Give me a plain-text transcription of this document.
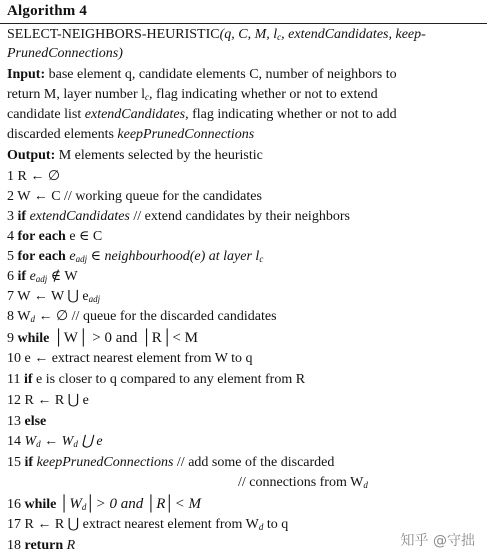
Algorithm 4
SELECT-NEIGHBORS-HEURISTIC(q, C, M, lc, extendCandidates, keep-
PrunedConnections)
Input: base element q, candidate elements C, number of neighbors to
return M, layer number lc, flag indicating whether or not to extend
candidate list extendCandidates, flag indicating whether or not to add
discarded elements keepPrunedConnections
Output: M elements selected by the heuristic
1 R ← ∅
2 W ← C // working queue for the candidates
3 if extendCandidates // extend candidates by their neighbors
4 for each e ∈ C
5 for each eadj ∈ neighbourhood(e) at layer lc
6 if eadj ∉ W
7 W ← W ⋃ eadj
8 Wd ← ∅ // queue for the discarded candidates
9 while │W│ > 0 and │R│< M
10 e ← extract nearest element from W to q
11 if e is closer to q compared to any element from R
12 R ← R ⋃ e
13 else
14 Wd ← Wd ⋃ e
15 if keepPrunedConnections // add some of the discarded
// connections from Wd
16 while │Wd│> 0 and │R│< M
17 R ← R ⋃ extract nearest element from Wd to q
18 return R	知乎 @守拙
